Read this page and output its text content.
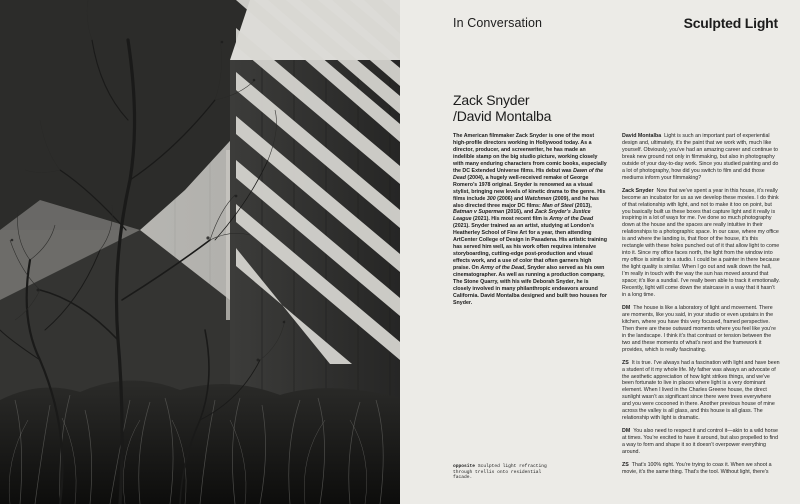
In Conversation	Sculpted Light
Zack Snyder
/David Montalba
The American filmmaker Zack Snyder is one of the most high-profile directors working in Hollywood today. As a director, producer, and screenwriter, he has made an indelible stamp on the big studio picture, working closely with many enduring characters from comic books, especially the DC Extended Universe films. His debut was Dawn of the Dead (2004), a hugely well-received remake of George Romero’s 1978 original. Snyder is renowned as a visual stylist, bringing new levels of kinetic drama to the genre. His films include 300 (2006) and Watchmen (2009), and he has also directed three major DC films: Man of Steel (2013), Batman v Superman (2016), and Zack Snyder’s Justice League (2021). His most recent film is Army of the Dead (2021). Snyder trained as an artist, studying at London’s Heatherley School of Fine Art for a year, then attending ArtCenter College of Design in Pasadena. His artistic training has served him well, as his work often requires intensive storyboarding, cutting-edge post-production and visual effects work, and a use of color that often garners high praise. On Army of the Dead, Snyder also served as his own cinematographer. As well as running a production company, The Stone Quarry, with his wife Deborah Snyder, he is closely involved in many philanthropic endeavors around California. David Montalba designed and built two houses for Snyder.
opposite Sculpted light refracting through trellis onto residential facade.

David Montalba Light is such an important part of experiential design and, ultimately, it’s the paint that we work with, much like yourself. Obviously, you’ve had an amazing career and continue to break new ground not only in filmmaking, but also in photography outside of your day-to-day work. Since you studied painting and do a lot of photography, how did you switch to film and did those mediums inform your filmmaking?

Zack Snyder Now that we’ve spent a year in this house, it’s really become an incubator for us as we develop these movies. I do think of that relationship with light, and not to make it too on point, but you basically built us these boxes that capture light and it really is inspiring in a lot of ways for me. I’ve done so much photography down at the house and the spaces are really intuitive in their relationships to a photographic space. In our case, where my office is and where the landing is, that floor of the house, it’s this rectangle with these holes punched out of it that allow light to come into it. Since my office faces north, the light from the window into my office is similar to a studio. I could be a painter in there because the light quality is similar. When I go out and walk down the hall, I’m really in touch with the way the sun has moved around that space; it’s like a sundial. I’ve really been able to track it emotionally. Recently, light will come down the staircase in a way that it hasn’t in a long time.

DM The house is like a laboratory of light and movement. There are moments, like you said, in your studio or even upstairs in the kitchen, where you have this very focused, framed perspective. Then there are these outward moments where you feel like you’re in the landscape. I think it’s that contrast or tension between the two and these moments of what’s next and the framework it provides, which is really fascinating.

ZS It is true. I’ve always had a fascination with light and have been a student of it my whole life. My father was always an advocate of the aesthetic appreciation of how light strikes things, and we’ve been fortunate to live in places where light is a very dominant element. When I lived in the Charles Greene house, the direct sunlight wasn’t as significant since there were trees everywhere and you were cocooned in there. Another previous house of mine across the valley is all glass, and this house is all glass. The relationship with light is dramatic.

DM You also need to respect it and control it—akin to a wild horse at times. You’re excited to have it around, but also propelled to find a way to form and shape it so it doesn’t overpower everything around.

ZS That’s 100% right. You’re trying to coax it. When we shoot a movie, it’s the same thing. That’s the tool. Without light, there’s
